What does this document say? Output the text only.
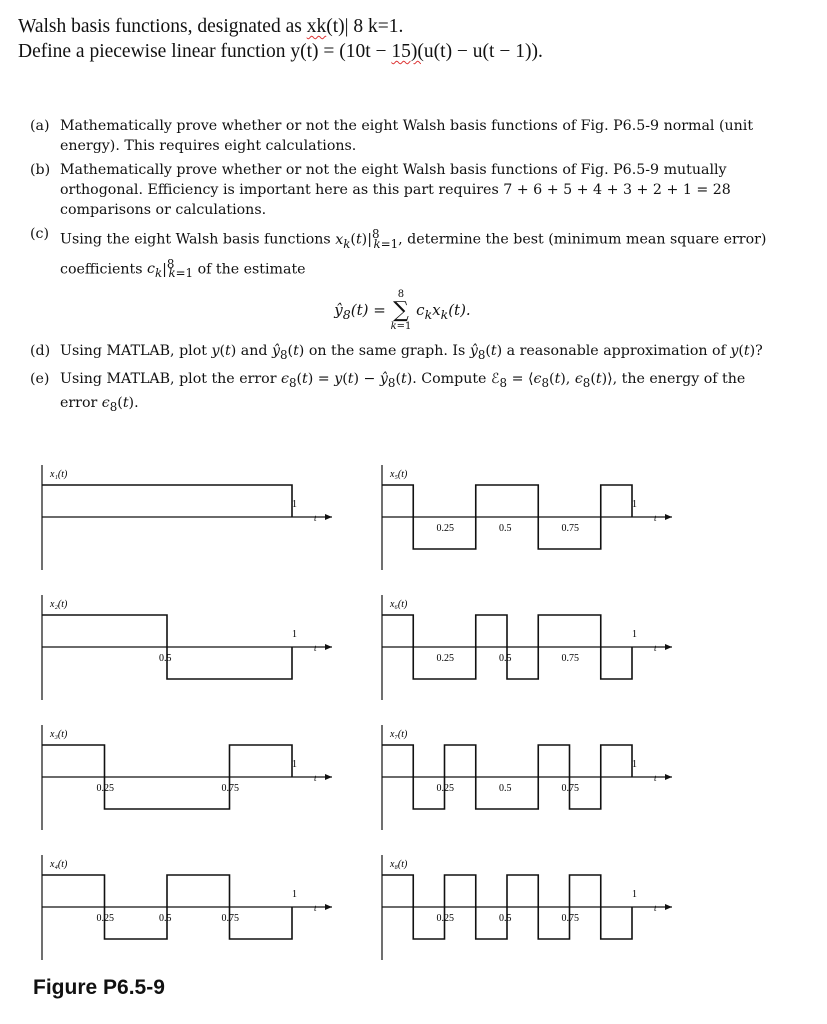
Walsh basis functions, designated as xk(t)| 8 k=1.
Define a piecewise linear function y(t) = (10t − 15)(u(t) − u(t − 1)).
(a) Mathematically prove whether or not the eight Walsh basis functions of Fig. P6.5-9 normal (unit energy). This requires eight calculations.
(b) Mathematically prove whether or not the eight Walsh basis functions of Fig. P6.5-9 mutually orthogonal. Efficiency is important here as this part requires 7 + 6 + 5 + 4 + 3 + 2 + 1 = 28 comparisons or calculations.
(c) Using the eight Walsh basis functions $x_k(t)|^8_{k=1}$, determine the best (minimum mean square error) coefficients $c_k|^8_{k=1}$ of the estimate
$ŷ_8(t)$ =
8
∑
k=1
$c_kx_k(t)$.
(d) Using MATLAB, plot y(t) and $ŷ_8(t)$ on the same graph. Is $ŷ_8(t)$ a reasonable approximation of y(t)?
(e) Using MATLAB, plot the error $\epsilon_8(t) = y(t)$ − $ŷ_8(t)$. Compute ℰ$_8$ = $⟨\epsilon_8(t)$, $\epsilon_8(t)⟩$, the energy of the error $\epsilon_8(t)$.
t
x₁(t)
1
t
x₂(t)
0.5
1
t
x₃(t)
0.25	0.75
1
t
x₄(t)
0.25	0.5	0.75
1
t
x₅(t)
0.25	0.5	0.75
1
t
x₆(t)
0.25	0.5	0.75
1
t
x₇(t)
0.25	0.5	0.75
1
t
x₈(t)
0.25	0.5	0.75
1
Figure P6.5-9
